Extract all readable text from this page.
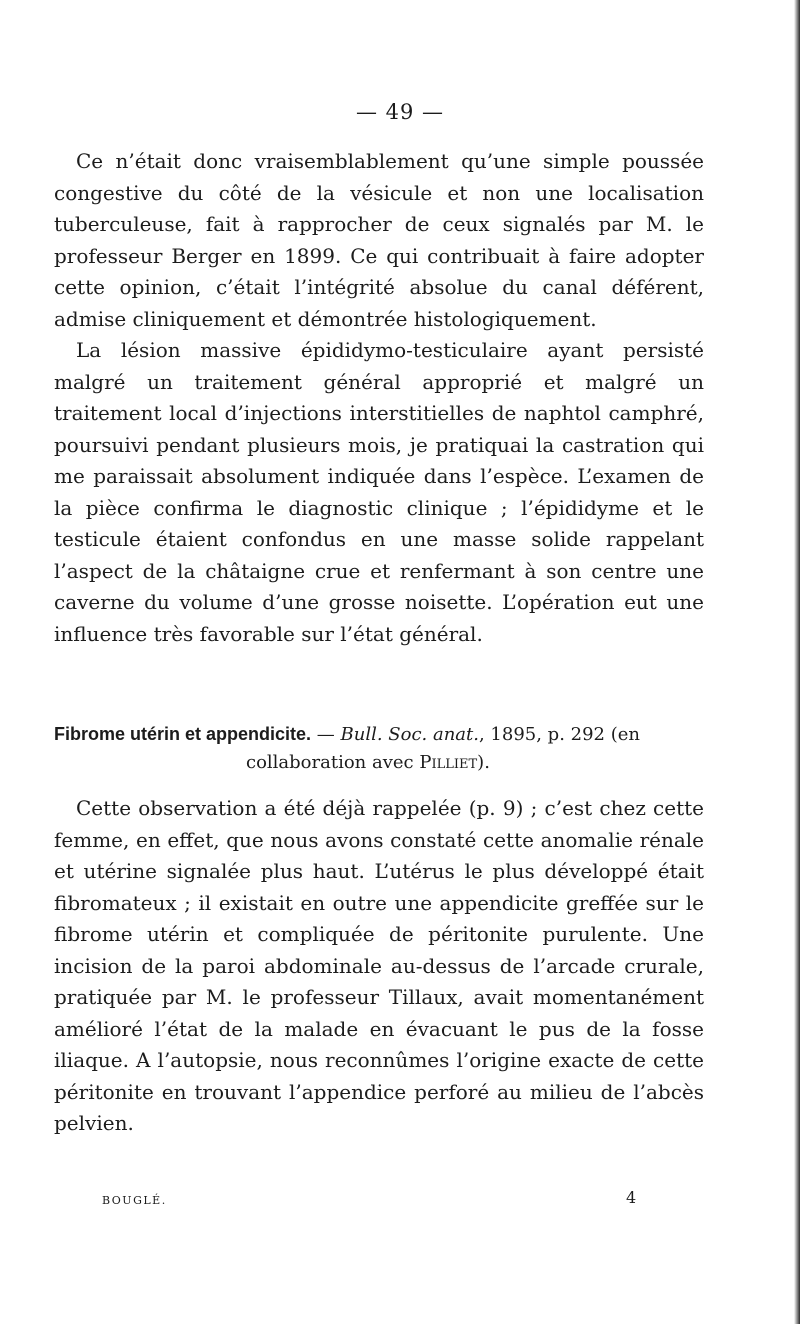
— 49 —

Ce n’était donc vraisemblablement qu’une simple poussée congestive du côté de la vésicule et non une localisation tuberculeuse, fait à rapprocher de ceux signalés par M. le professeur Berger en 1899. Ce qui contribuait à faire adopter cette opinion, c’était l’intégrité absolue du canal déférent, admise cliniquement et démontrée histologiquement.

La lésion massive épididymo-testiculaire ayant persisté malgré un traitement général approprié et malgré un traitement local d’injections interstitielles de naphtol camphré, poursuivi pendant plusieurs mois, je pratiquai la castration qui me paraissait absolument indiquée dans l’espèce. L’examen de la pièce confirma le diagnostic clinique ; l’épididyme et le testicule étaient confondus en une masse solide rappelant l’aspect de la châtaigne crue et renfermant à son centre une caverne du volume d’une grosse noisette. L’opération eut une influence très favorable sur l’état général.

Fibrome utérin et appendicite. — Bull. Soc. anat., 1895, p. 292 (en
collaboration avec Pilliet).

Cette observation a été déjà rappelée (p. 9) ; c’est chez cette femme, en effet, que nous avons constaté cette anomalie rénale et utérine signalée plus haut. L’utérus le plus développé était fibromateux ; il existait en outre une appendicite greffée sur le fibrome utérin et compliquée de péritonite purulente. Une incision de la paroi abdominale au-dessus de l’arcade crurale, pratiquée par M. le professeur Tillaux, avait momentanément amélioré l’état de la malade en évacuant le pus de la fosse iliaque. A l’autopsie, nous reconnûmes l’origine exacte de cette péritonite en trouvant l’appendice perforé au milieu de l’abcès pelvien.

BOUGLÉ.	4
